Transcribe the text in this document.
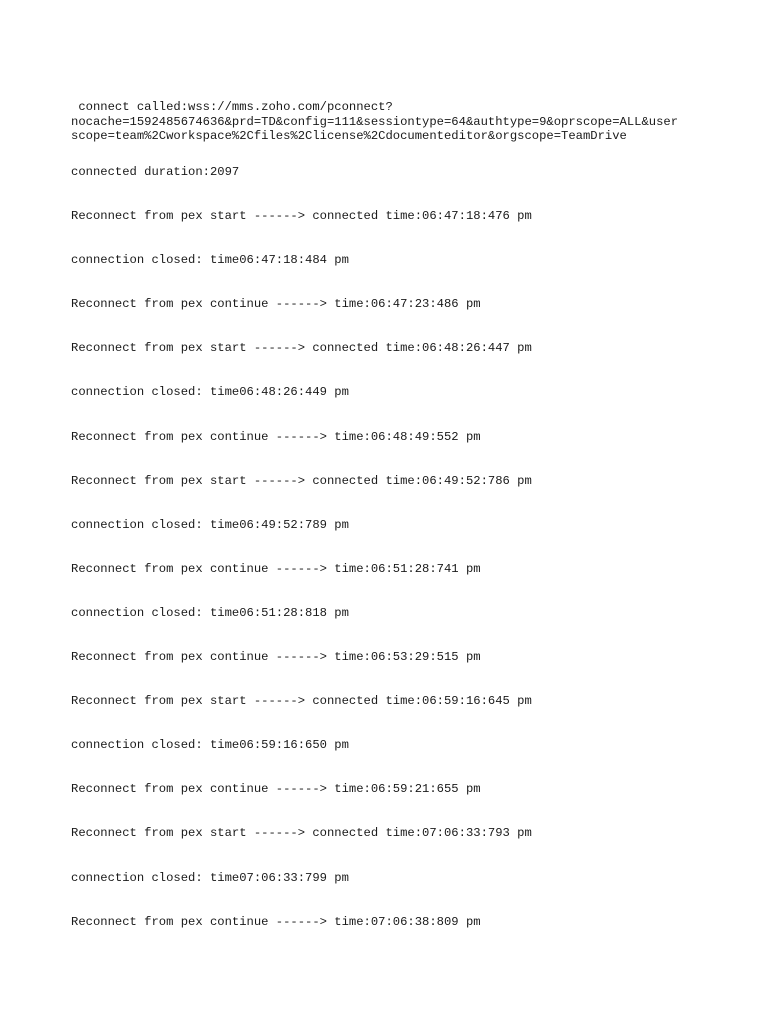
connect called:wss://mms.zoho.com/pconnect?
nocache=1592485674636&prd=TD&config=111&sessiontype=64&authtype=9&oprscope=ALL&user
scope=team%2Cworkspace%2Cfiles%2Clicense%2Cdocumenteditor&orgscope=TeamDrive
connected duration:2097
Reconnect from pex start ------> connected time:06:47:18:476 pm
connection closed: time06:47:18:484 pm
Reconnect from pex continue ------> time:06:47:23:486 pm
Reconnect from pex start ------> connected time:06:48:26:447 pm
connection closed: time06:48:26:449 pm
Reconnect from pex continue ------> time:06:48:49:552 pm
Reconnect from pex start ------> connected time:06:49:52:786 pm
connection closed: time06:49:52:789 pm
Reconnect from pex continue ------> time:06:51:28:741 pm
connection closed: time06:51:28:818 pm
Reconnect from pex continue ------> time:06:53:29:515 pm
Reconnect from pex start ------> connected time:06:59:16:645 pm
connection closed: time06:59:16:650 pm
Reconnect from pex continue ------> time:06:59:21:655 pm
Reconnect from pex start ------> connected time:07:06:33:793 pm
connection closed: time07:06:33:799 pm
Reconnect from pex continue ------> time:07:06:38:809 pm
